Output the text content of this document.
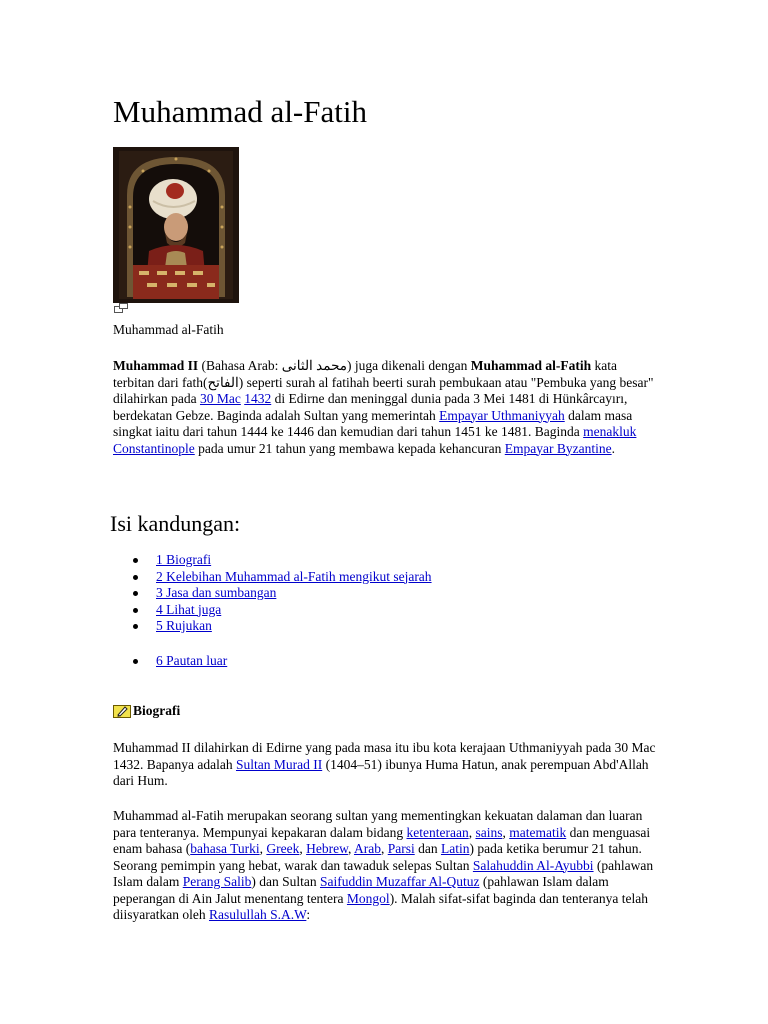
Muhammad al-Fatih
Muhammad al-Fatih

Muhammad II (Bahasa Arab: محمد الثانى) juga dikenali dengan Muhammad al-Fatih kata terbitan dari fath(الفاتح) seperti surah al fatihah beerti surah pembukaan atau "Pembuka yang besar" dilahirkan pada 30 Mac 1432 di Edirne dan meninggal dunia pada 3 Mei 1481 di Hünkârcayırı, berdekatan Gebze. Baginda adalah Sultan yang memerintah Empayar Uthmaniyyah dalam masa singkat iaitu dari tahun 1444 ke 1446 dan kemudian dari tahun 1451 ke 1481. Baginda menakluk Constantinople pada umur 21 tahun yang membawa kepada kehancuran Empayar Byzantine.

Isi kandungan:
1 Biografi
2 Kelebihan Muhammad al-Fatih mengikut sejarah
3 Jasa dan sumbangan
4 Lihat juga
5 Rujukan
6 Pautan luar
Biografi

Muhammad II dilahirkan di Edirne yang pada masa itu ibu kota kerajaan Uthmaniyyah pada 30 Mac 1432. Bapanya adalah Sultan Murad II (1404–51) ibunya Huma Hatun, anak perempuan Abd'Allah dari Hum.

Muhammad al-Fatih merupakan seorang sultan yang mementingkan kekuatan dalaman dan luaran para tenteranya. Mempunyai kepakaran dalam bidang ketenteraan, sains, matematik dan menguasai enam bahasa (bahasa Turki, Greek, Hebrew, Arab, Parsi dan Latin) pada ketika berumur 21 tahun. Seorang pemimpin yang hebat, warak dan tawaduk selepas Sultan Salahuddin Al-Ayubbi (pahlawan Islam dalam Perang Salib) dan Sultan Saifuddin Muzaffar Al-Qutuz (pahlawan Islam dalam peperangan di Ain Jalut menentang tentera Mongol). Malah sifat-sifat baginda dan tenteranya telah diisyaratkan oleh Rasulullah S.A.W:
